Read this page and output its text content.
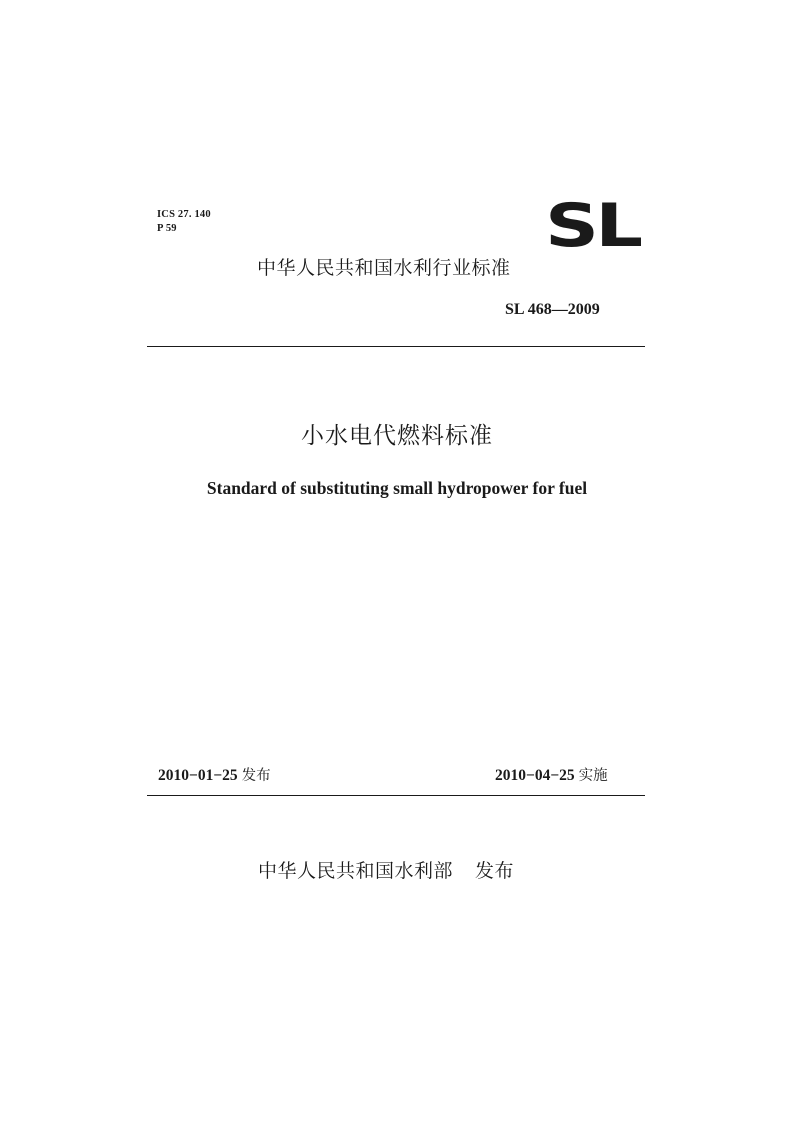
ICS 27. 140
P 59	SL
中华人民共和国水利行业标准
SL 468—2009
小水电代燃料标准
Standard of substituting small hydropower for fuel
2010−01−25 发布	2010−04−25 实施
中华人民共和国水利部 发布
